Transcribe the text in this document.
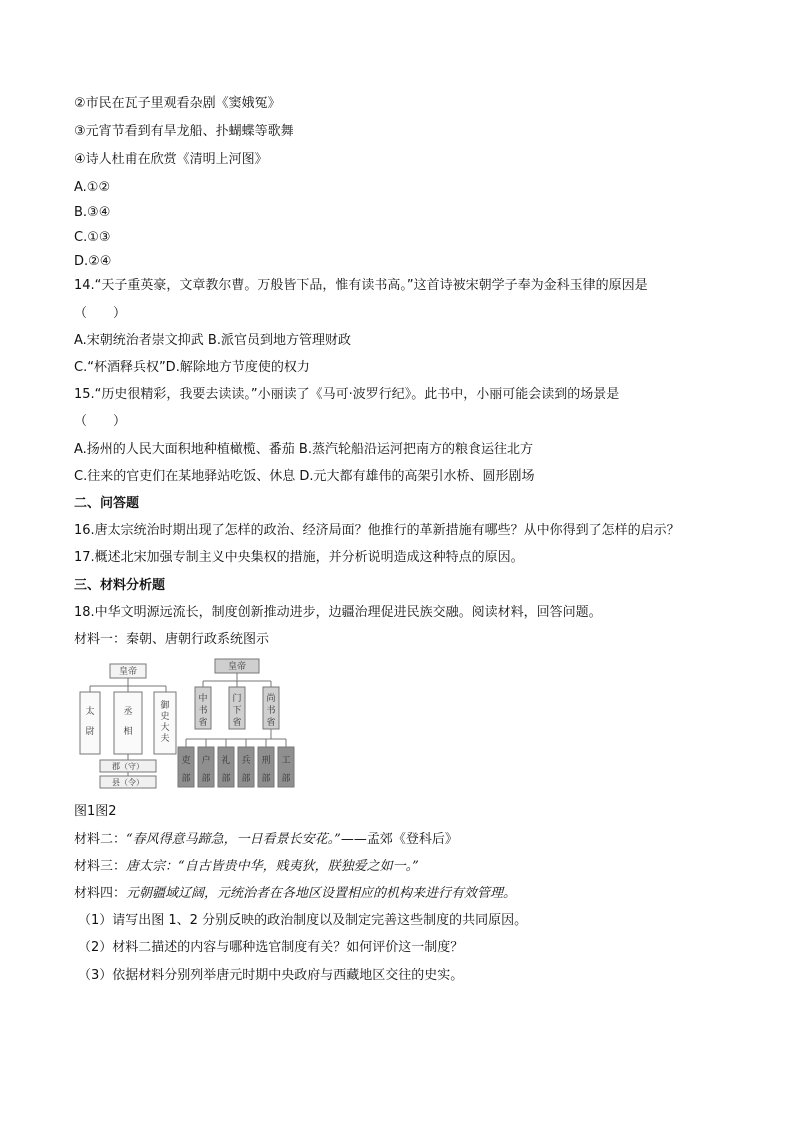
②市民在瓦子里观看杂剧《窦娥冤》
③元宵节看到有旱龙船、扑蝴蝶等歌舞
④诗人杜甫在欣赏《清明上河图》
A.①②
B.③④
C.①③
D.②④
14.“天子重英豪，文章教尔曹。万般皆下品，惟有读书高。”这首诗被宋朝学子奉为金科玉律的原因是
（　　）
A.宋朝统治者崇文抑武 B.派官员到地方管理财政
C.“杯酒释兵权”D.解除地方节度使的权力
15.“历史很精彩，我要去读读。”小丽读了《马可·波罗行纪》。此书中，小丽可能会读到的场景是
（　　）
A.扬州的人民大面积地种植橄榄、番茄 B.蒸汽轮船沿运河把南方的粮食运往北方
C.往来的官吏们在某地驿站吃饭、休息 D.元大都有雄伟的高架引水桥、圆形剧场
二、问答题
16.唐太宗统治时期出现了怎样的政治、经济局面？他推行的革新措施有哪些？从中你得到了怎样的启示？
17.概述北宋加强专制主义中央集权的措施，并分析说明造成这种特点的原因。
三、材料分析题
18.中华文明源远流长，制度创新推动进步，边疆治理促进民族交融。阅读材料，回答问题。
材料一：秦朝、唐朝行政系统图示
皇帝
太
尉
丞
相
御
史
大
夫
郡（守）
县（令）
皇帝
中
书
省
门
下
省
尚
书
省
吏
部
户
部
礼
部
兵
部
刑
部
工
部
图1图2
材料二：“春风得意马蹄急，一日看景长安花。”——孟郊《登科后》
材料三：唐太宗：“自古皆贵中华，贱夷狄，朕独爱之如一。”
材料四：元朝疆域辽阔，元统治者在各地区设置相应的机构来进行有效管理。
（1）请写出图 1、2 分别反映的政治制度以及制定完善这些制度的共同原因。
（2）材料二描述的内容与哪种选官制度有关？如何评价这一制度？
（3）依据材料分别列举唐元时期中央政府与西藏地区交往的史实。
